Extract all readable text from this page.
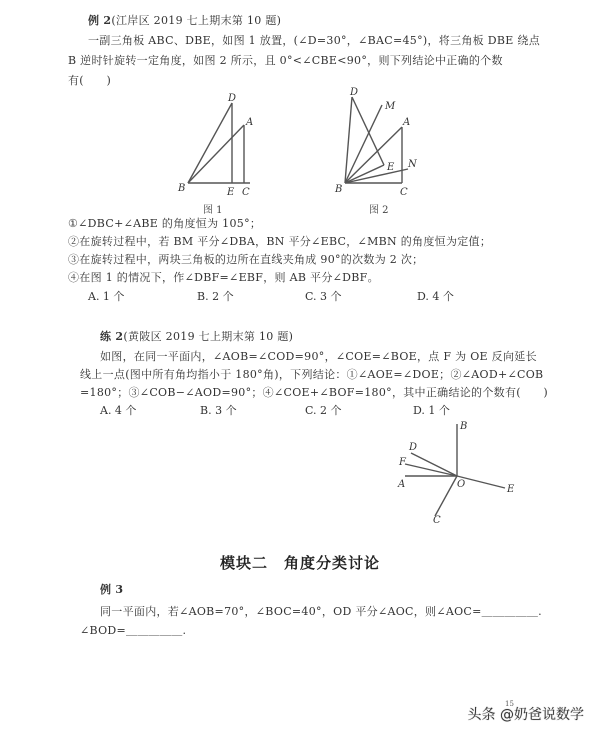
例 2(江岸区 2019 七上期末第 10 题)
一副三角板 ABC、DBE，如图 1 放置，(∠D=30°，∠BAC=45°)，将三角板 DBE 绕点
B 逆时针旋转一定角度，如图 2 所示，且 0°<∠CBE<90°，则下列结论中正确的个数
有(　　)
D
A
B	E C
图 1
D
M
A
E N
B	C
图 2
①∠DBC+∠ABE 的角度恒为 105°；
②在旋转过程中，若 BM 平分∠DBA，BN 平分∠EBC，∠MBN 的角度恒为定值；
③在旋转过程中，两块三角板的边所在直线夹角成 90°的次数为 2 次；
④在图 1 的情况下，作∠DBF=∠EBF，则 AB 平分∠DBF。
A. 1 个	B. 2 个	C. 3 个	D. 4 个
练 2(黄陂区 2019 七上期末第 10 题)
如图，在同一平面内，∠AOB=∠COD=90°，∠COE=∠BOE，点 F 为 OE 反向延长
线上一点(图中所有角均指小于 180°角)，下列结论：①∠AOE=∠DOE；②∠AOD+∠COB
=180°；③∠COB−∠AOD=90°；④∠COE+∠BOF=180°，其中正确结论的个数有(　　)
A. 4 个	B. 3 个	C. 2 个	D. 1 个
B
D
F
A	O	E
C
模块二　角度分类讨论
例 3
同一平面内，若∠AOB=70°，∠BOC=40°，OD 平分∠AOC，则∠AOC=＿＿＿＿＿.
∠BOD=＿＿＿＿＿.
15
头条 @奶爸说数学
